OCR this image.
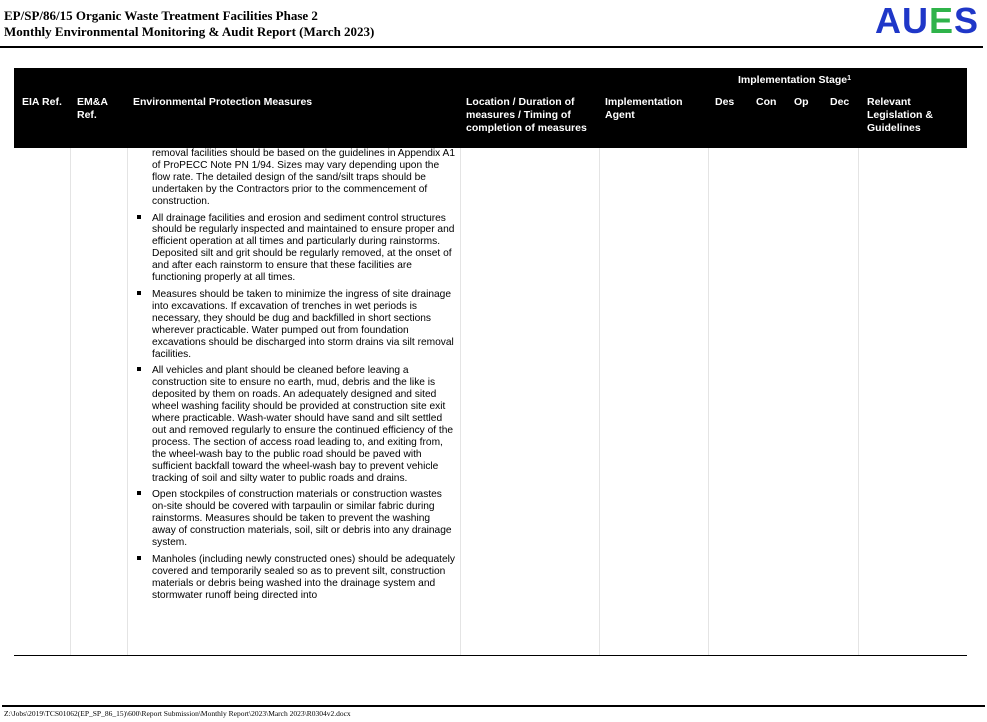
EP/SP/86/15 Organic Waste Treatment Facilities Phase 2
Monthly Environmental Monitoring & Audit Report (March 2023)	AUES
EIA Ref. EM&A Ref.
Environmental Protection Measures	Location / Duration of measures / Timing of completion of measures
Implementation Agent
Implementation Stage$^1$
Des Con Op Dec Relevant Legislation & Guidelines
removal facilities should be based on the guidelines in Appendix A1 of ProPECC Note PN 1/94. Sizes may vary depending upon the flow rate. The detailed design of the sand/silt traps should be undertaken by the Contractors prior to the commencement of construction.
All drainage facilities and erosion and sediment control structures should be regularly inspected and maintained to ensure proper and efficient operation at all times and particularly during rainstorms. Deposited silt and grit should be regularly removed, at the onset of and after each rainstorm to ensure that these facilities are functioning properly at all times.
Measures should be taken to minimize the ingress of site drainage into excavations. If excavation of trenches in wet periods is necessary, they should be dug and backfilled in short sections wherever practicable. Water pumped out from foundation excavations should be discharged into storm drains via silt removal facilities.
All vehicles and plant should be cleaned before leaving a construction site to ensure no earth, mud, debris and the like is deposited by them on roads. An adequately designed and sited wheel washing facility should be provided at construction site exit where practicable. Wash-water should have sand and silt settled out and removed regularly to ensure the continued efficiency of the process. The section of access road leading to, and exiting from, the wheel-wash bay to the public road should be paved with sufficient backfall toward the wheel-wash bay to prevent vehicle tracking of soil and silty water to public roads and drains.
Open stockpiles of construction materials or construction wastes on-site should be covered with tarpaulin or similar fabric during rainstorms. Measures should be taken to prevent the washing away of construction materials, soil, silt or debris into any drainage system.
Manholes (including newly constructed ones) should be adequately covered and temporarily sealed so as to prevent silt, construction materials or debris being washed into the drainage system and stormwater runoff being directed into
Z:\Jobs\2019\TCS01062(EP_SP_86_15)\600\Report Submission\Monthly Report\2023\March 2023\R0304v2.docx
